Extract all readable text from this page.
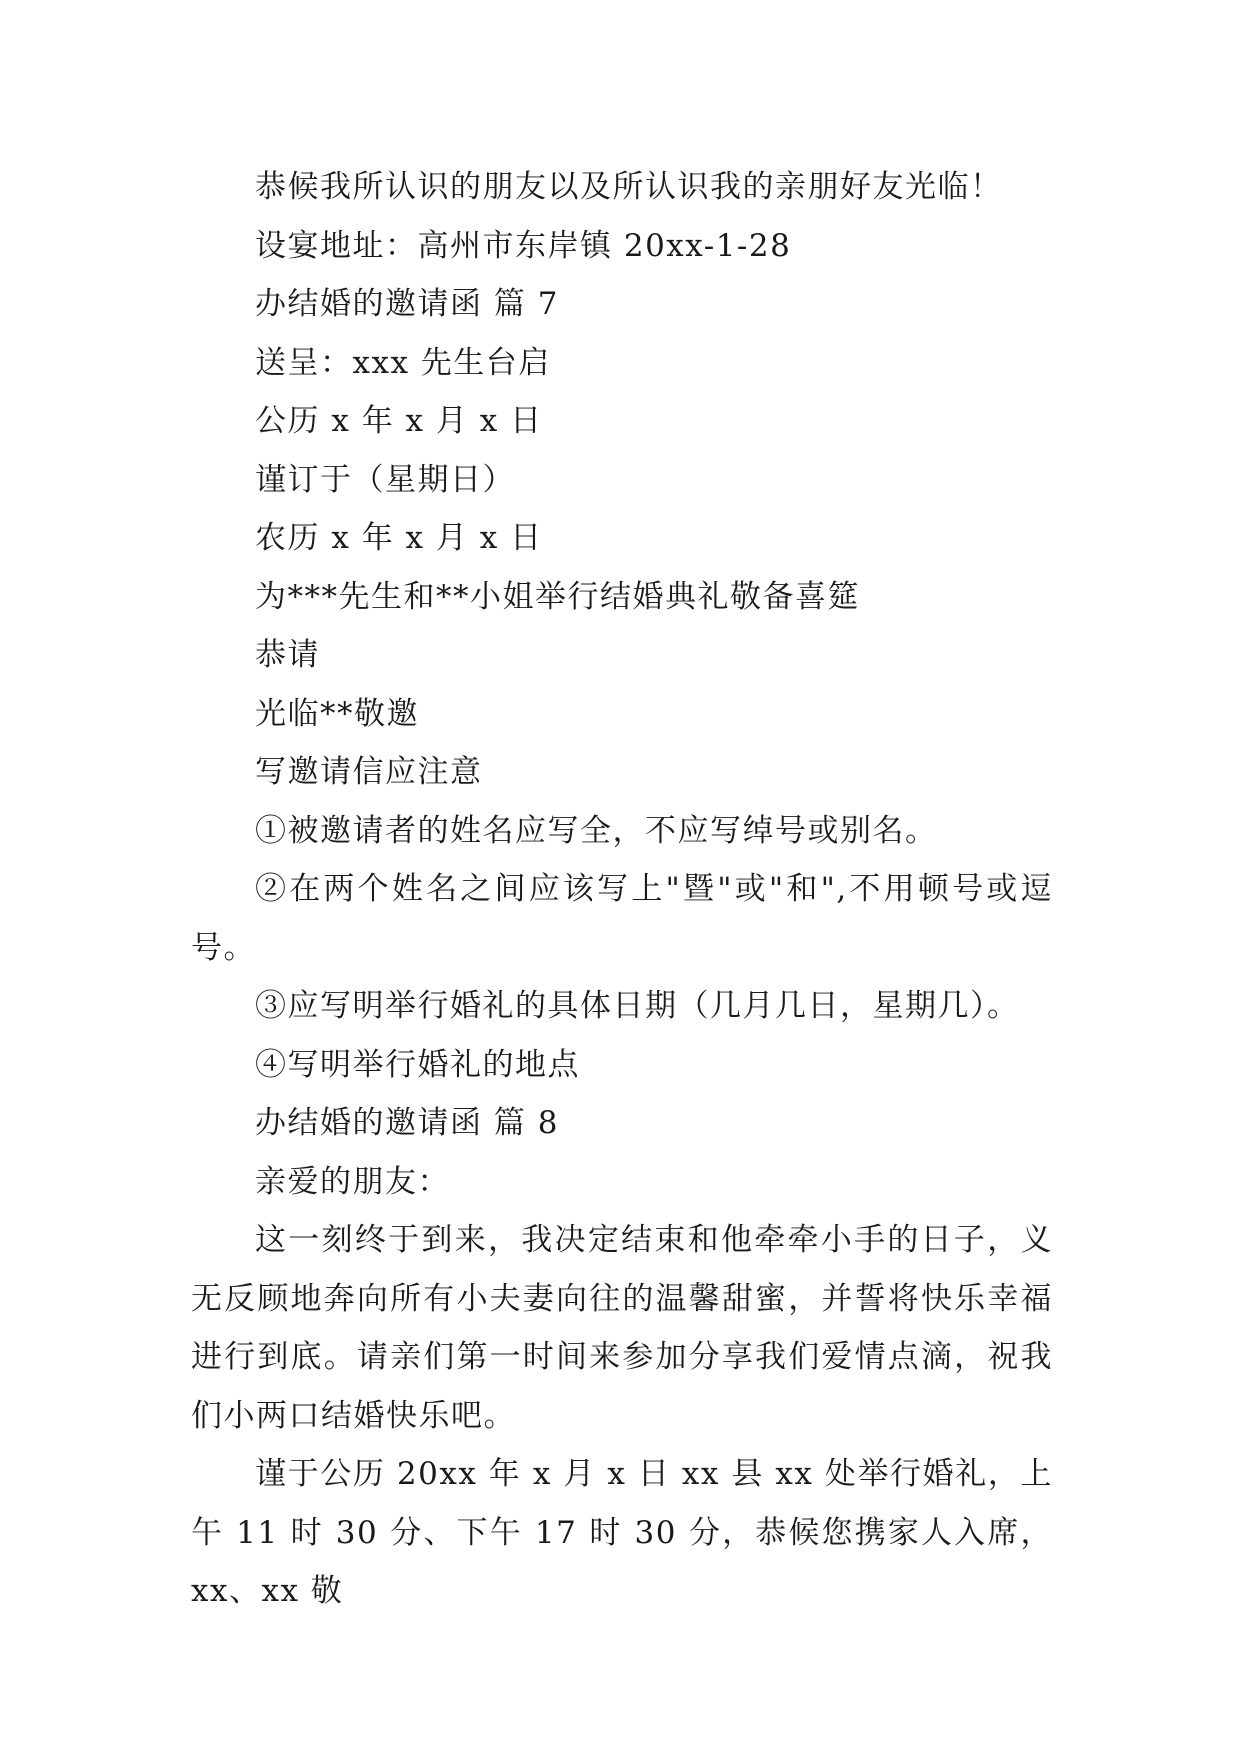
恭候我所认识的朋友以及所认识我的亲朋好友光临！

设宴地址：高州市东岸镇 20xx-1-28

办结婚的邀请函 篇 7

送呈：xxx 先生台启

公历 x 年 x 月 x 日

谨订于（星期日）

农历 x 年 x 月 x 日

为***先生和**小姐举行结婚典礼敬备喜筵

恭请

光临**敬邀

写邀请信应注意

①被邀请者的姓名应写全，不应写绰号或别名。

②在两个姓名之间应该写上"暨"或"和",不用顿号或逗号。

③应写明举行婚礼的具体日期（几月几日，星期几）。

④写明举行婚礼的地点

办结婚的邀请函 篇 8

亲爱的朋友：

这一刻终于到来，我决定结束和他牵牵小手的日子，义无反顾地奔向所有小夫妻向往的温馨甜蜜，并誓将快乐幸福进行到底。请亲们第一时间来参加分享我们爱情点滴，祝我们小两口结婚快乐吧。

谨于公历 20xx 年 x 月 x 日 xx 县 xx 处举行婚礼，上午 11 时 30 分、下午 17 时 30 分，恭候您携家人入席，xx、xx 敬
